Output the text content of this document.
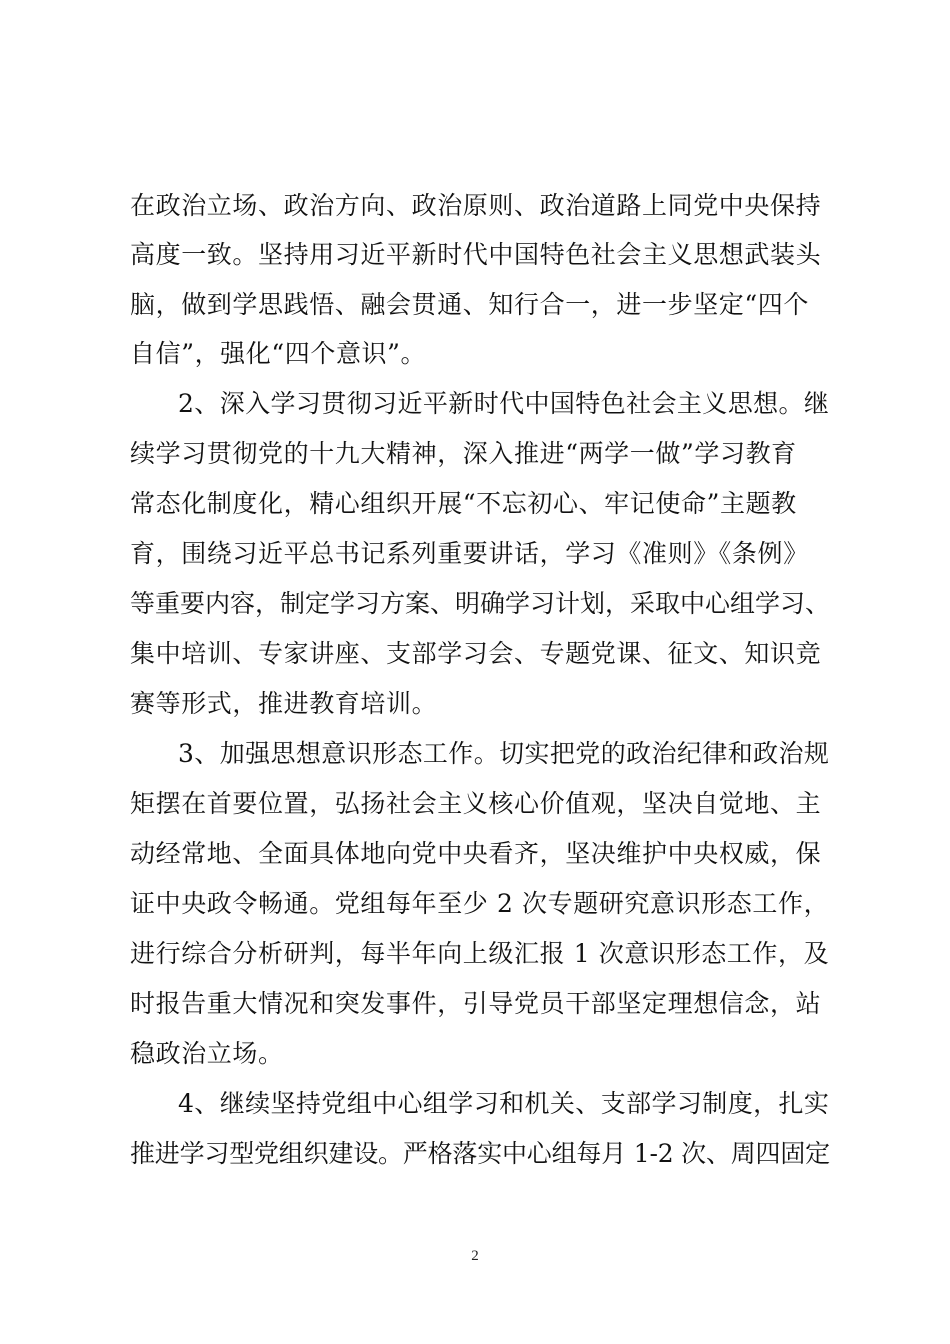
在政治立场、政治方向、政治原则、政治道路上同党中央保持

高度一致。坚持用习近平新时代中国特色社会主义思想武装头

脑，做到学思践悟、融会贯通、知行合一，进一步坚定“四个

自信”，强化“四个意识”。

2、深入学习贯彻习近平新时代中国特色社会主义思想。继

续学习贯彻党的十九大精神，深入推进“两学一做”学习教育

常态化制度化，精心组织开展“不忘初心、牢记使命”主题教

育，围绕习近平总书记系列重要讲话，学习《准则》《条例》

等重要内容，制定学习方案、明确学习计划，采取中心组学习、

集中培训、专家讲座、支部学习会、专题党课、征文、知识竞

赛等形式，推进教育培训。

3、加强思想意识形态工作。切实把党的政治纪律和政治规

矩摆在首要位置，弘扬社会主义核心价值观，坚决自觉地、主

动经常地、全面具体地向党中央看齐，坚决维护中央权威，保

证中央政令畅通。党组每年至少 2 次专题研究意识形态工作，

进行综合分析研判，每半年向上级汇报 1 次意识形态工作，及

时报告重大情况和突发事件，引导党员干部坚定理想信念，站

稳政治立场。

4、继续坚持党组中心组学习和机关、支部学习制度，扎实

推进学习型党组织建设。严格落实中心组每月 1-2 次、周四固定

2
